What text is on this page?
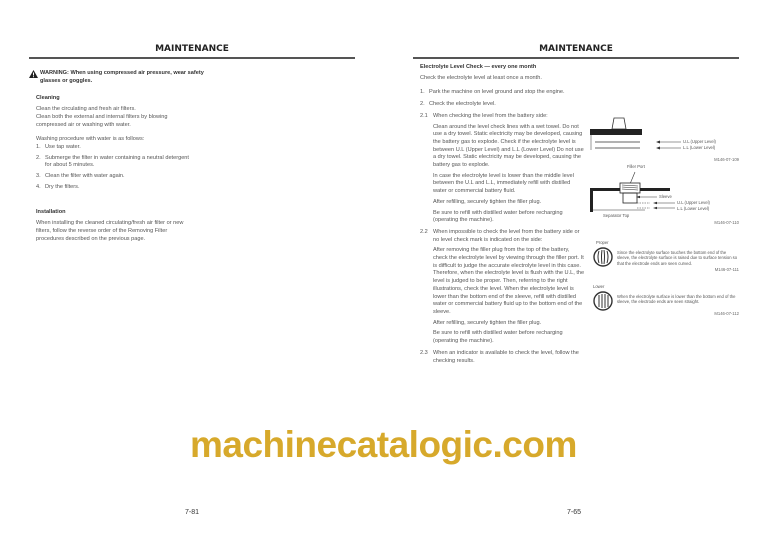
MAINTENANCE
WARNING: When using compressed air pressure, wear safety glasses or goggles.
Cleaning
Clean the circulating and fresh air filters.
Clean both the external and internal filters by blowing compressed air or washing with water.
Washing procedure with water is as follows:
1. Use tap water.
2. Submerge the filter in water containing a neutral detergent for about 5 minutes.
3. Clean the filter with water again.
4. Dry the filters.
Installation
When installing the cleaned circulating/fresh air filter or new filters, follow the reverse order of the Removing Filter procedures described on the previous page.
7-81
MAINTENANCE
Electrolyte Level Check — every one month
Check the electrolyte level at least once a month.
1. Park the machine on level ground and stop the engine.
2. Check the electrolyte level.
2.1 When checking the level from the battery side:
Clean around the level check lines with a wet towel. Do not use a dry towel. Static electricity may be developed, causing the battery gas to explode. Check if the electrolyte level is between U.L (Upper Level) and L.L (Lower Level) Do not use a dry towel. Static electricity may be developed, causing the battery gas to explode.
In case the electrolyte level is lower than the middle level between the U.L and L.L, immediately refill with distilled water or commercial battery fluid.
After refilling, securely tighten the filler plug.
Be sure to refill with distilled water before recharging (operating the machine).
2.2 When impossible to check the level from the battery side or no level check mark is indicated on the side:
After removing the filler plug from the top of the battery, check the electrolyte level by viewing through the filler port. It is difficult to judge the accurate electrolyte level in this case. Therefore, when the electrolyte level is flush with the U.L, the level is judged to be proper. Then, referring to the right illustrations, check the level. When the electrolyte level is lower than the bottom end of the sleeve, refill with distilled water or commercial battery fluid up to the bottom end of the sleeve.
After refilling, securely tighten the filler plug.
Be sure to refill with distilled water before recharging (operating the machine).
2.3 When an indicator is available to check the level, follow the checking results.
U.L (Upper Level)
L.L (Lower Level)
M146-07-109
Filler Port
Sleeve
U.L (Upper Level)
L.L (Lower Level)
Separator Top
M146-07-110
Proper
Since the electrolyte surface touches the bottom end of the sleeve, the electrolyte surface is raised due to surface tension so that the electrode ends are seen curved.
M146-07-111
Lower
When the electrolyte surface is lower than the bottom end of the sleeve, the electrode ends are seen straight.
M146-07-112
7-65
machinecatalogic.com
